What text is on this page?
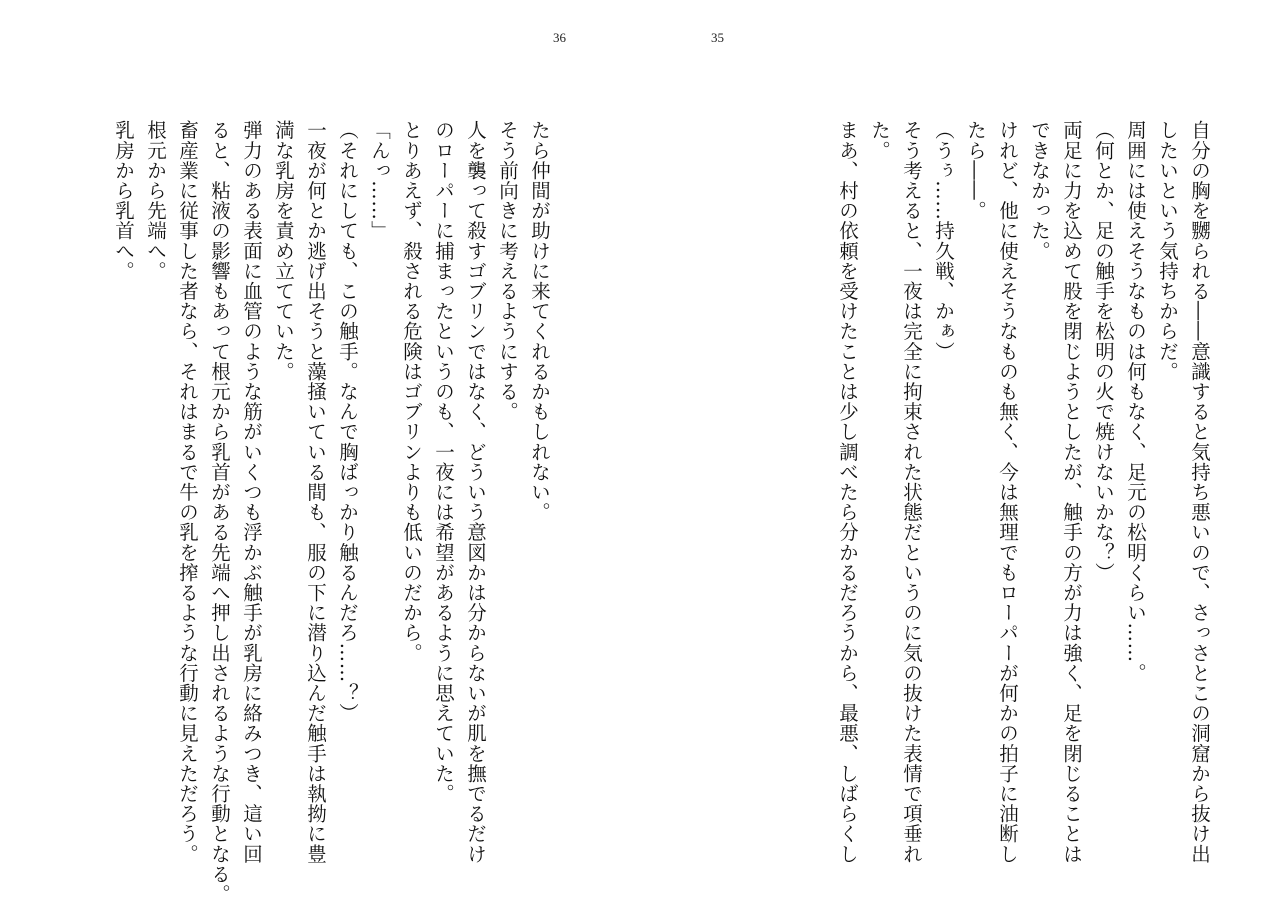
36	35
自分の胸を嬲られる――意識すると気持ち悪いので、さっさとこの洞窟から抜け出
したいという気持ちからだ。
周囲には使えそうなものは何もなく、足元の松明くらい……。
（何とか、足の触手を松明の火で焼けないかな？）
両足に力を込めて股を閉じようとしたが、触手の方が力は強く、足を閉じることは
できなかった。
けれど、他に使えそうなものも無く、今は無理でもローパーが何かの拍子に油断し
たら――。
（うぅ……持久戦、かぁ）
そう考えると、一夜は完全に拘束された状態だというのに気の抜けた表情で項垂れ
た。
まあ、村の依頼を受けたことは少し調べたら分かるだろうから、最悪、しばらくし
たら仲間が助けに来てくれるかもしれない。
そう前向きに考えるようにする。
人を襲って殺すゴブリンではなく、どういう意図かは分からないが肌を撫でるだけ
のローパーに捕まったというのも、一夜には希望があるように思えていた。
とりあえず、殺される危険はゴブリンよりも低いのだから。
「んっ……」
（それにしても、この触手。なんで胸ばっかり触るんだろ……？）
一夜が何とか逃げ出そうと藻掻いている間も、服の下に潜り込んだ触手は執拗に豊
満な乳房を責め立てていた。
弾力のある表面に血管のような筋がいくつも浮かぶ触手が乳房に絡みつき、這い回
ると、粘液の影響もあって根元から乳首がある先端へ押し出されるような行動となる。
畜産業に従事した者なら、それはまるで牛の乳を搾るような行動に見えただろう。
根元から先端へ。
乳房から乳首へ。
